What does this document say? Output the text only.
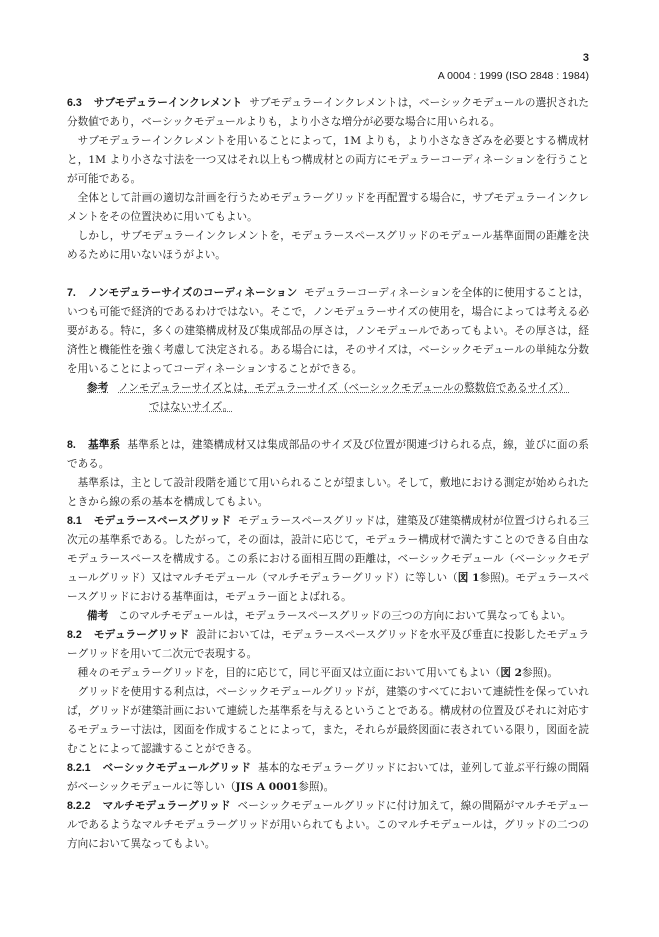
3
A 0004 : 1999 (ISO 2848 : 1984)

6.3 サブモデュラーインクレメント サブモデュラーインクレメントは，ベーシックモデュールの選択された分数値であり，ベーシックモデュールよりも，より小さな増分が必要な場合に用いられる。

サブモデュラーインクレメントを用いることによって，1M よりも，より小さなきざみを必要とする構成材と，1M より小さな寸法を一つ又はそれ以上もつ構成材との両方にモデュラーコーディネーションを行うことが可能である。

全体として計画の適切な計画を行うためモデュラーグリッドを再配置する場合に，サブモデュラーインクレメントをその位置決めに用いてもよい。

しかし，サブモデュラーインクレメントを，モデュラースペースグリッドのモデュール基準面間の距離を決めるために用いないほうがよい。

7. ノンモデュラーサイズのコーディネーション モデュラーコーディネーションを全体的に使用することは，いつも可能で経済的であるわけではない。そこで，ノンモデュラーサイズの使用を，場合によっては考える必要がある。特に，多くの建築構成材及び集成部品の厚さは，ノンモデュールであってもよい。その厚さは，経済性と機能性を強く考慮して決定される。ある場合には，そのサイズは，ベーシックモデュールの単純な分数を用いることによってコーディネーションすることができる。

参考 ノンモデュラーサイズとは，モデュラーサイズ（ベーシックモデュールの整数倍であるサイズ）
ではないサイズ。

8. 基準系 基準系とは，建築構成材又は集成部品のサイズ及び位置が関連づけられる点，線，並びに面の系である。

基準系は，主として設計段階を通じて用いられることが望ましい。そして，敷地における測定が始められたときから線の系の基本を構成してもよい。

8.1 モデュラースペースグリッド モデュラースペースグリッドは，建築及び建築構成材が位置づけられる三次元の基準系である。したがって，その面は，設計に応じて，モデュラー構成材で満たすことのできる自由なモデュラースペースを構成する。この系における面相互間の距離は，ベーシックモデュール（ベーシックモデュールグリッド）又はマルチモデュール（マルチモデュラーグリッド）に等しい（図 1参照)。モデュラースペースグリッドにおける基準面は，モデュラー面とよばれる。

備考 このマルチモデュールは，モデュラースペースグリッドの三つの方向において異なってもよい。

8.2 モデュラーグリッド 設計においては，モデュラースペースグリッドを水平及び垂直に投影したモデュラーグリッドを用いて二次元で表現する。

種々のモデュラーグリッドを，目的に応じて，同じ平面又は立面において用いてもよい（図 2参照)。

グリッドを使用する利点は，ベーシックモデュールグリッドが，建築のすべてにおいて連続性を保っていれば，グリッドが建築計画において連続した基準系を与えるということである。構成材の位置及びそれに対応するモデュラー寸法は，図面を作成することによって，また，それらが最終図面に表されている限り，図面を読むことによって認識することができる。

8.2.1 ベーシックモデュールグリッド 基本的なモデュラーグリッドにおいては，並列して並ぶ平行線の間隔がベーシックモデュールに等しい（JIS A 0001参照)。

8.2.2 マルチモデュラーグリッド ベーシックモデュールグリッドに付け加えて，線の間隔がマルチモデュールであるようなマルチモデュラーグリッドが用いられてもよい。このマルチモデュールは，グリッドの二つの方向において異なってもよい。
